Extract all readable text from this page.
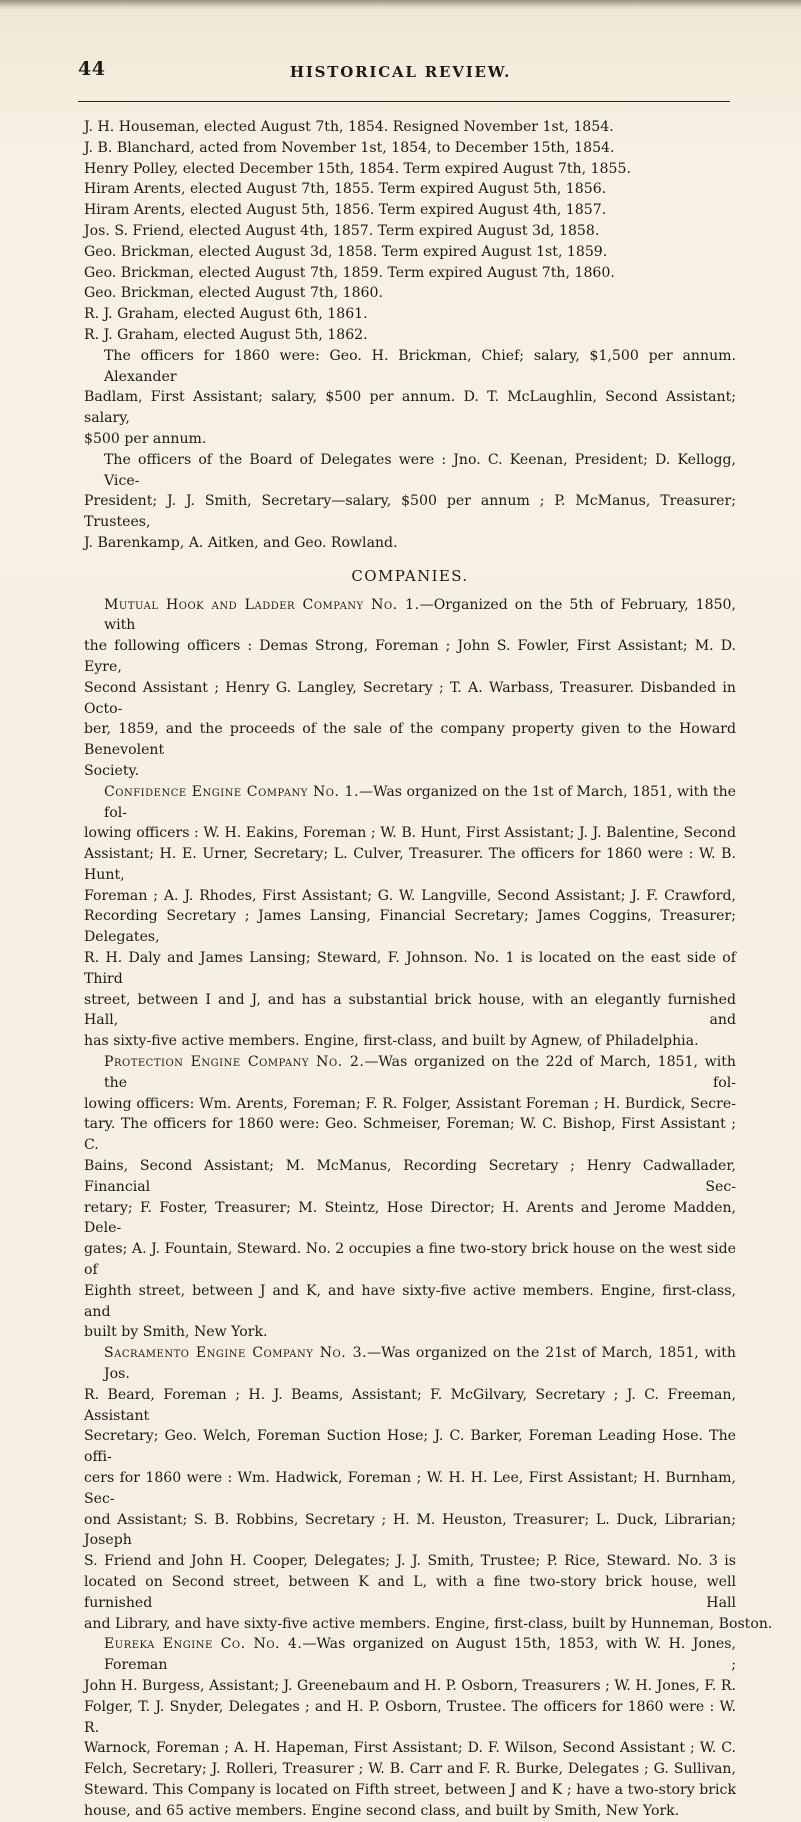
44	HISTORICAL REVIEW.
J. H. Houseman, elected August 7th, 1854. Resigned November 1st, 1854.
J. B. Blanchard, acted from November 1st, 1854, to December 15th, 1854.
Henry Polley, elected December 15th, 1854. Term expired August 7th, 1855.
Hiram Arents, elected August 7th, 1855. Term expired August 5th, 1856.
Hiram Arents, elected August 5th, 1856. Term expired August 4th, 1857.
Jos. S. Friend, elected August 4th, 1857. Term expired August 3d, 1858.
Geo. Brickman, elected August 3d, 1858. Term expired August 1st, 1859.
Geo. Brickman, elected August 7th, 1859. Term expired August 7th, 1860.
Geo. Brickman, elected August 7th, 1860.
R. J. Graham, elected August 6th, 1861.
R. J. Graham, elected August 5th, 1862.
The officers for 1860 were: Geo. H. Brickman, Chief; salary, $1,500 per annum. Alexander
Badlam, First Assistant; salary, $500 per annum. D. T. McLaughlin, Second Assistant; salary,
$500 per annum.
The officers of the Board of Delegates were : Jno. C. Keenan, President; D. Kellogg, Vice-
President; J. J. Smith, Secretary—salary, $500 per annum ; P. McManus, Treasurer; Trustees,
J. Barenkamp, A. Aitken, and Geo. Rowland.
COMPANIES.
Mutual Hook and Ladder Company No. 1.—Organized on the 5th of February, 1850, with
the following officers : Demas Strong, Foreman ; John S. Fowler, First Assistant; M. D. Eyre,
Second Assistant ; Henry G. Langley, Secretary ; T. A. Warbass, Treasurer. Disbanded in Octo-
ber, 1859, and the proceeds of the sale of the company property given to the Howard Benevolent
Society.
Confidence Engine Company No. 1.—Was organized on the 1st of March, 1851, with the fol-
lowing officers : W. H. Eakins, Foreman ; W. B. Hunt, First Assistant; J. J. Balentine, Second
Assistant; H. E. Urner, Secretary; L. Culver, Treasurer. The officers for 1860 were : W. B. Hunt,
Foreman ; A. J. Rhodes, First Assistant; G. W. Langville, Second Assistant; J. F. Crawford,
Recording Secretary ; James Lansing, Financial Secretary; James Coggins, Treasurer; Delegates,
R. H. Daly and James Lansing; Steward, F. Johnson. No. 1 is located on the east side of Third
street, between I and J, and has a substantial brick house, with an elegantly furnished Hall, and
has sixty-five active members. Engine, first-class, and built by Agnew, of Philadelphia.
Protection Engine Company No. 2.—Was organized on the 22d of March, 1851, with the fol-
lowing officers: Wm. Arents, Foreman; F. R. Folger, Assistant Foreman ; H. Burdick, Secre-
tary. The officers for 1860 were: Geo. Schmeiser, Foreman; W. C. Bishop, First Assistant ; C.
Bains, Second Assistant; M. McManus, Recording Secretary ; Henry Cadwallader, Financial Sec-
retary; F. Foster, Treasurer; M. Steintz, Hose Director; H. Arents and Jerome Madden, Dele-
gates; A. J. Fountain, Steward. No. 2 occupies a fine two-story brick house on the west side of
Eighth street, between J and K, and have sixty-five active members. Engine, first-class, and
built by Smith, New York.
Sacramento Engine Company No. 3.—Was organized on the 21st of March, 1851, with Jos.
R. Beard, Foreman ; H. J. Beams, Assistant; F. McGilvary, Secretary ; J. C. Freeman, Assistant
Secretary; Geo. Welch, Foreman Suction Hose; J. C. Barker, Foreman Leading Hose. The offi-
cers for 1860 were : Wm. Hadwick, Foreman ; W. H. H. Lee, First Assistant; H. Burnham, Sec-
ond Assistant; S. B. Robbins, Secretary ; H. M. Heuston, Treasurer; L. Duck, Librarian; Joseph
S. Friend and John H. Cooper, Delegates; J. J. Smith, Trustee; P. Rice, Steward. No. 3 is
located on Second street, between K and L, with a fine two-story brick house, well furnished Hall
and Library, and have sixty-five active members. Engine, first-class, built by Hunneman, Boston.
Eureka Engine Co. No. 4.—Was organized on August 15th, 1853, with W. H. Jones, Foreman ;
John H. Burgess, Assistant; J. Greenebaum and H. P. Osborn, Treasurers ; W. H. Jones, F. R.
Folger, T. J. Snyder, Delegates ; and H. P. Osborn, Trustee. The officers for 1860 were : W. R.
Warnock, Foreman ; A. H. Hapeman, First Assistant; D. F. Wilson, Second Assistant ; W. C.
Felch, Secretary; J. Rolleri, Treasurer ; W. B. Carr and F. R. Burke, Delegates ; G. Sullivan,
Steward. This Company is located on Fifth street, between J and K ; have a two-story brick
house, and 65 active members. Engine second class, and built by Smith, New York.
